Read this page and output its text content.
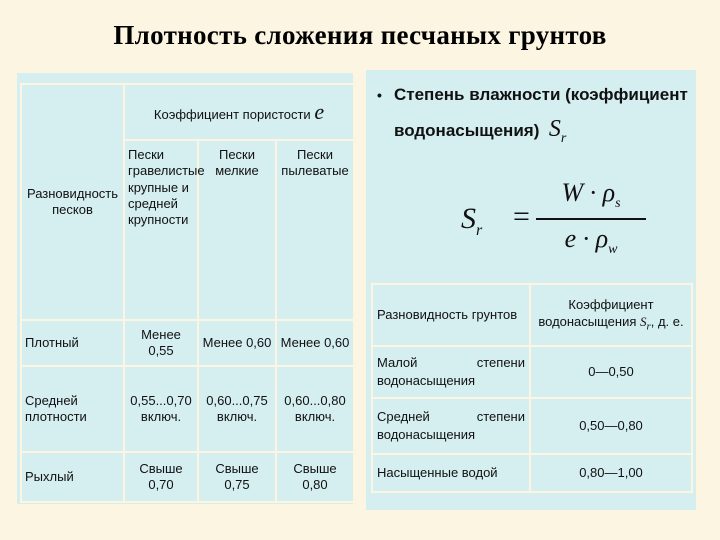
Плотность сложения песчаных грунтов
Разновидность песков	Коэффициент пористости e		
	Пески гравелистые крупные и средней крупности	Пески мелкие	Пески пылеватые
Плотный	Менее 0,55	Менее 0,60	Менее 0,60
Средней плотности	0,55...0,70 включ.	0,60...0,75 включ.	0,60...0,80 включ.
Рыхлый	Свыше 0,70	Свыше 0,75	Свыше 0,80
• Степень влажности (коэффициент водонасыщения) $S_r$
$S_r$ =
$W \cdot \rho_s$
$e \cdot \rho_w$
Разновидность грунтов	Коэффициент водонасыщения $S_r$, д. е.

Малой степени
водонасыщения	0—0,50

Средней степени
водонасыщения	0,50—0,80
Насыщенные водой	0,80—1,00
